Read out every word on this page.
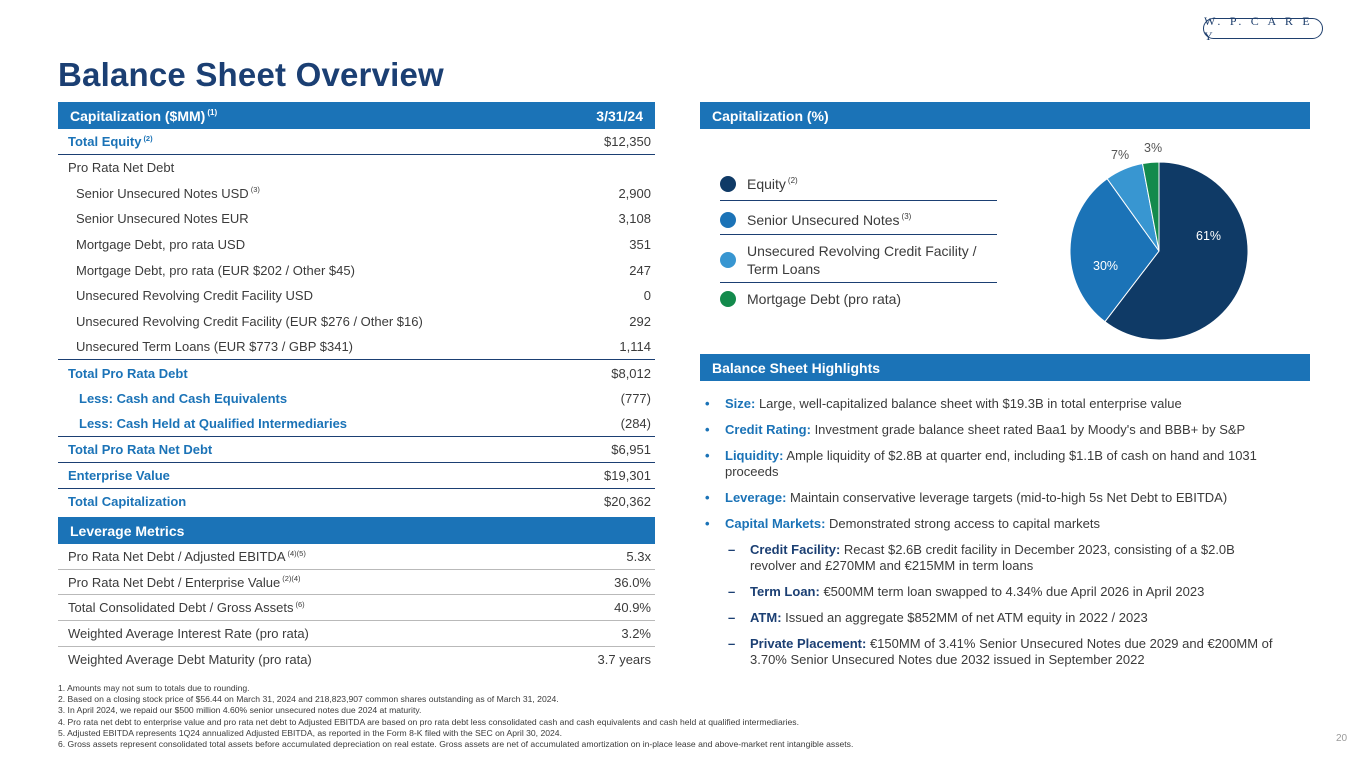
W. P. C A R E Y
Balance Sheet Overview
Capitalization ($MM) $^{(1)}$	3/31/24
Total Equity $^{(2)}$	$12,350
Pro Rata Net Debt
Senior Unsecured Notes USD $^{(3)}$	2,900
Senior Unsecured Notes EUR	3,108
Mortgage Debt, pro rata USD	351
Mortgage Debt, pro rata (EUR $202 / Other $45)	247
Unsecured Revolving Credit Facility USD	0
Unsecured Revolving Credit Facility (EUR $276 / Other $16)	292
Unsecured Term Loans (EUR $773 / GBP $341)	1,114
Total Pro Rata Debt	$8,012
Less: Cash and Cash Equivalents	(777)
Less: Cash Held at Qualified Intermediaries	(284)
Total Pro Rata Net Debt	$6,951
Enterprise Value	$19,301
Total Capitalization	$20,362
Leverage Metrics
Pro Rata Net Debt / Adjusted EBITDA $^{(4)(5)}$	5.3x
Pro Rata Net Debt / Enterprise Value $^{(2)(4)}$	36.0%
Total Consolidated Debt / Gross Assets $^{(6)}$	40.9%
Weighted Average Interest Rate (pro rata)	3.2%
Weighted Average Debt Maturity (pro rata)	3.7 years
Capitalization (%)
Equity $^{(2)}$
Senior Unsecured Notes $^{(3)}$
Unsecured Revolving Credit Facility / Term Loans
Mortgage Debt (pro rata)
61%
30%
7% 3%
Balance Sheet Highlights
• Size: Large, well-capitalized balance sheet with $19.3B in total enterprise value
• Credit Rating: Investment grade balance sheet rated Baa1 by Moody's and BBB+ by S&P
• Liquidity: Ample liquidity of $2.8B at quarter end, including $1.1B of cash on hand and 1031 proceeds
• Leverage: Maintain conservative leverage targets (mid-to-high 5s Net Debt to EBITDA)
• Capital Markets: Demonstrated strong access to capital markets
– Credit Facility: Recast $2.6B credit facility in December 2023, consisting of a $2.0B revolver and £270MM and €215MM in term loans
– Term Loan: €500MM term loan swapped to 4.34% due April 2026 in April 2023
– ATM: Issued an aggregate $852MM of net ATM equity in 2022 / 2023
– Private Placement: €150MM of 3.41% Senior Unsecured Notes due 2029 and €200MM of 3.70% Senior Unsecured Notes due 2032 issued in September 2022
1. Amounts may not sum to totals due to rounding.
2. Based on a closing stock price of $56.44 on March 31, 2024 and 218,823,907 common shares outstanding as of March 31, 2024.
3. In April 2024, we repaid our $500 million 4.60% senior unsecured notes due 2024 at maturity.
4. Pro rata net debt to enterprise value and pro rata net debt to Adjusted EBITDA are based on pro rata debt less consolidated cash and cash equivalents and cash held at qualified intermediaries.
5. Adjusted EBITDA represents 1Q24 annualized Adjusted EBITDA, as reported in the Form 8-K filed with the SEC on April 30, 2024.
6. Gross assets represent consolidated total assets before accumulated depreciation on real estate. Gross assets are net of accumulated amortization on in-place lease and above-market rent intangible assets.
20
